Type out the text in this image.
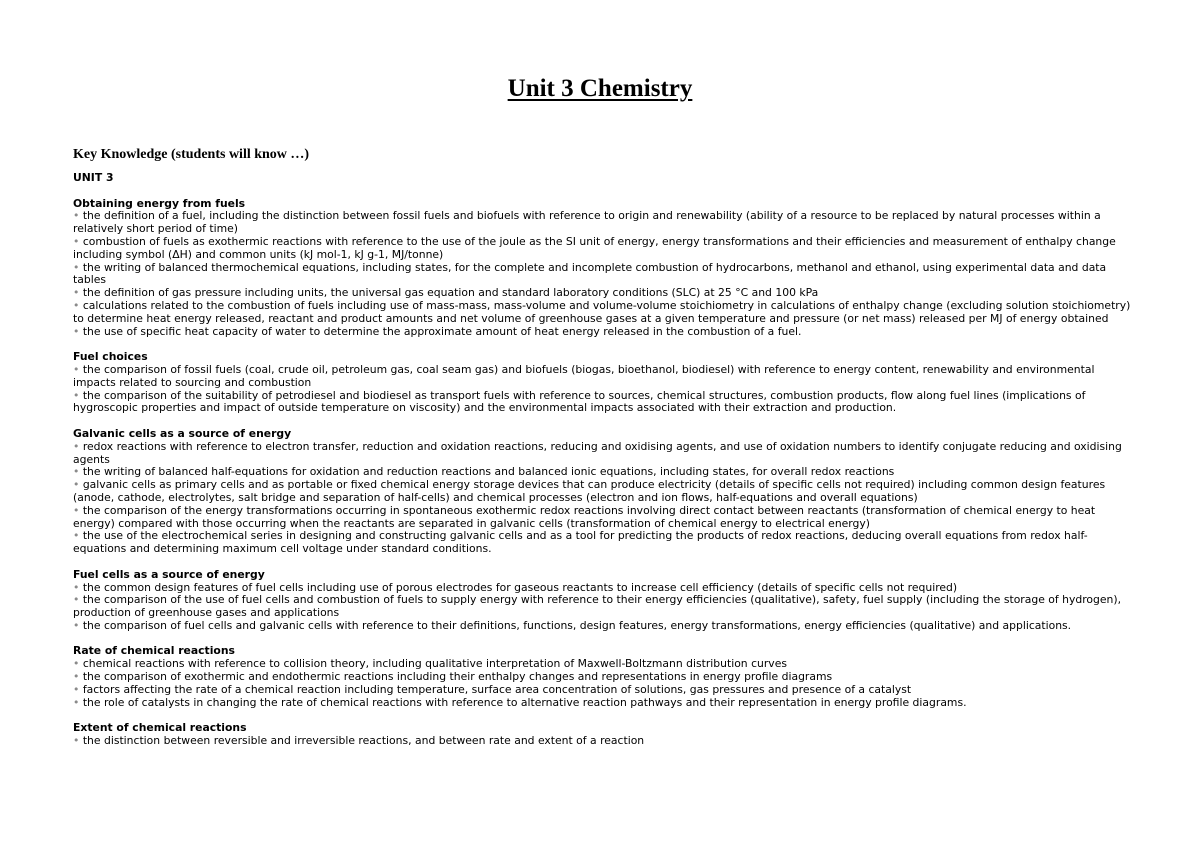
Unit 3 Chemistry
Key Knowledge (students will know …)
UNIT 3
Obtaining energy from fuels
• the definition of a fuel, including the distinction between fossil fuels and biofuels with reference to origin and renewability (ability of a resource to be replaced by natural processes within a relatively short period of time)
• combustion of fuels as exothermic reactions with reference to the use of the joule as the SI unit of energy, energy transformations and their efficiencies and measurement of enthalpy change including symbol (ΔH) and common units (kJ mol-1, kJ g-1, MJ/tonne)
• the writing of balanced thermochemical equations, including states, for the complete and incomplete combustion of hydrocarbons, methanol and ethanol, using experimental data and data tables
• the definition of gas pressure including units, the universal gas equation and standard laboratory conditions (SLC) at 25 °C and 100 kPa
• calculations related to the combustion of fuels including use of mass-mass, mass-volume and volume-volume stoichiometry in calculations of enthalpy change (excluding solution stoichiometry) to determine heat energy released, reactant and product amounts and net volume of greenhouse gases at a given temperature and pressure (or net mass) released per MJ of energy obtained
• the use of specific heat capacity of water to determine the approximate amount of heat energy released in the combustion of a fuel.
Fuel choices
• the comparison of fossil fuels (coal, crude oil, petroleum gas, coal seam gas) and biofuels (biogas, bioethanol, biodiesel) with reference to energy content, renewability and environmental impacts related to sourcing and combustion
• the comparison of the suitability of petrodiesel and biodiesel as transport fuels with reference to sources, chemical structures, combustion products, flow along fuel lines (implications of hygroscopic properties and impact of outside temperature on viscosity) and the environmental impacts associated with their extraction and production.
Galvanic cells as a source of energy
• redox reactions with reference to electron transfer, reduction and oxidation reactions, reducing and oxidising agents, and use of oxidation numbers to identify conjugate reducing and oxidising agents
• the writing of balanced half-equations for oxidation and reduction reactions and balanced ionic equations, including states, for overall redox reactions
• galvanic cells as primary cells and as portable or fixed chemical energy storage devices that can produce electricity (details of specific cells not required) including common design features (anode, cathode, electrolytes, salt bridge and separation of half-cells) and chemical processes (electron and ion flows, half-equations and overall equations)
• the comparison of the energy transformations occurring in spontaneous exothermic redox reactions involving direct contact between reactants (transformation of chemical energy to heat energy) compared with those occurring when the reactants are separated in galvanic cells (transformation of chemical energy to electrical energy)
• the use of the electrochemical series in designing and constructing galvanic cells and as a tool for predicting the products of redox reactions, deducing overall equations from redox half-equations and determining maximum cell voltage under standard conditions.
Fuel cells as a source of energy
• the common design features of fuel cells including use of porous electrodes for gaseous reactants to increase cell efficiency (details of specific cells not required)
• the comparison of the use of fuel cells and combustion of fuels to supply energy with reference to their energy efficiencies (qualitative), safety, fuel supply (including the storage of hydrogen), production of greenhouse gases and applications
• the comparison of fuel cells and galvanic cells with reference to their definitions, functions, design features, energy transformations, energy efficiencies (qualitative) and applications.
Rate of chemical reactions
• chemical reactions with reference to collision theory, including qualitative interpretation of Maxwell-Boltzmann distribution curves
• the comparison of exothermic and endothermic reactions including their enthalpy changes and representations in energy profile diagrams
• factors affecting the rate of a chemical reaction including temperature, surface area concentration of solutions, gas pressures and presence of a catalyst
• the role of catalysts in changing the rate of chemical reactions with reference to alternative reaction pathways and their representation in energy profile diagrams.
Extent of chemical reactions
• the distinction between reversible and irreversible reactions, and between rate and extent of a reaction
